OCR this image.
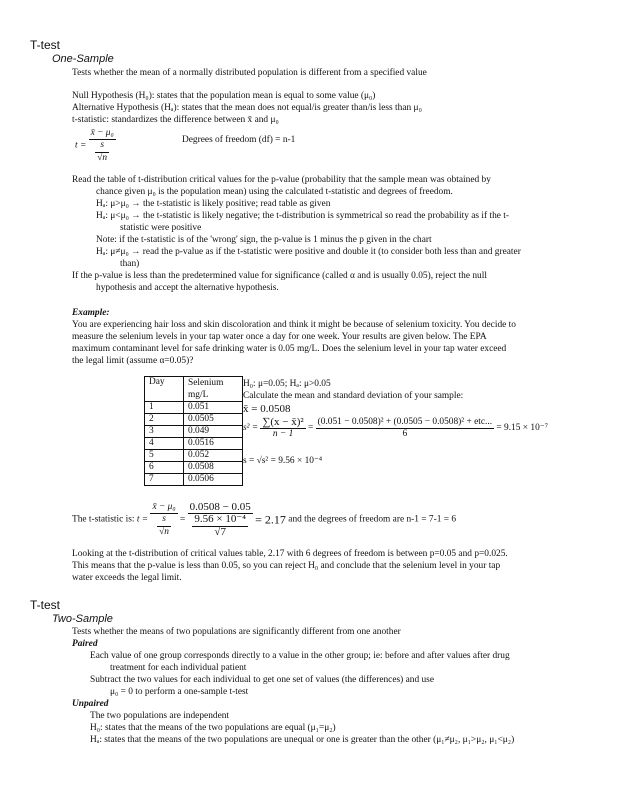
T-test
One-Sample
Tests whether the mean of a normally distributed population is different from a specified value
Null Hypothesis (H₀): states that the population mean is equal to some value (μ₀)
Alternative Hypothesis (Hₐ): states that the mean does not equal/is greater than/is less than μ₀
t-statistic: standardizes the difference between x̄ and μ₀
$t = \frac{\text{x̄ − μ₀}}{\frac{s}{√n}}$	Degrees of freedom (df) = n-1
Read the table of t-distribution critical values for the p-value (probability that the sample mean was obtained by
chance given μ₀ is the population mean) using the calculated t-statistic and degrees of freedom.
Hₐ: μ>μ₀ → the t-statistic is likely positive; read table as given
Hₐ: μ<μ₀ → the t-statistic is likely negative; the t-distribution is symmetrical so read the probability as if the t-
statistic were positive
Note: if the t-statistic is of the 'wrong' sign, the p-value is 1 minus the p given in the chart
Hₐ: μ≠μ₀ → read the p-value as if the t-statistic were positive and double it (to consider both less than and greater
than)
If the p-value is less than the predetermined value for significance (called α and is usually 0.05), reject the null
hypothesis and accept the alternative hypothesis.
Example:
You are experiencing hair loss and skin discoloration and think it might be because of selenium toxicity. You decide to
measure the selenium levels in your tap water once a day for one week. Your results are given below. The EPA
maximum contaminant level for safe drinking water is 0.05 mg/L. Does the selenium level in your tap water exceed
the legal limit (assume α=0.05)?
Day	Selenium mg/L
1	0.051
2	0.0505
3	0.049
4	0.0516
5	0.052
6	0.0508
7	0.0506
H₀: μ=0.05; Hₐ: μ>0.05
Calculate the mean and standard deviation of your sample:
x̄ = 0.0508
$s^2 = \frac{\text{∑(x − x̄)²}}{n - 1} = \frac{\text{(0.051 − 0.0508)² + (0.0505 − 0.0508)² + etc...}}{6} = 9.15 \times 10^{-7}$
s = √s² = 9.56 × 10⁻⁴
The t-statistic is: $t = \frac{\text{x̄ − μ₀}}{\frac{s}{√n}} = \frac{0.0508 - 0.05}{\frac{\text{9.56 × 10⁻⁴}}{√7}} = 2.17$ and the degrees of freedom are n-1 = 7-1 = 6
Looking at the t-distribution of critical values table, 2.17 with 6 degrees of freedom is between p=0.05 and p=0.025.
This means that the p-value is less than 0.05, so you can reject H₀ and conclude that the selenium level in your tap
water exceeds the legal limit.
T-test
Two-Sample
Tests whether the means of two populations are significantly different from one another
Paired
Each value of one group corresponds directly to a value in the other group; ie: before and after values after drug
treatment for each individual patient
Subtract the two values for each individual to get one set of values (the differences) and use
μ₀ = 0 to perform a one-sample t-test
Unpaired
The two populations are independent
H₀: states that the means of the two populations are equal (μ₁=μ₂)
Hₐ: states that the means of the two populations are unequal or one is greater than the other (μ₁≠μ₂, μ₁>μ₂, μ₁<μ₂)
